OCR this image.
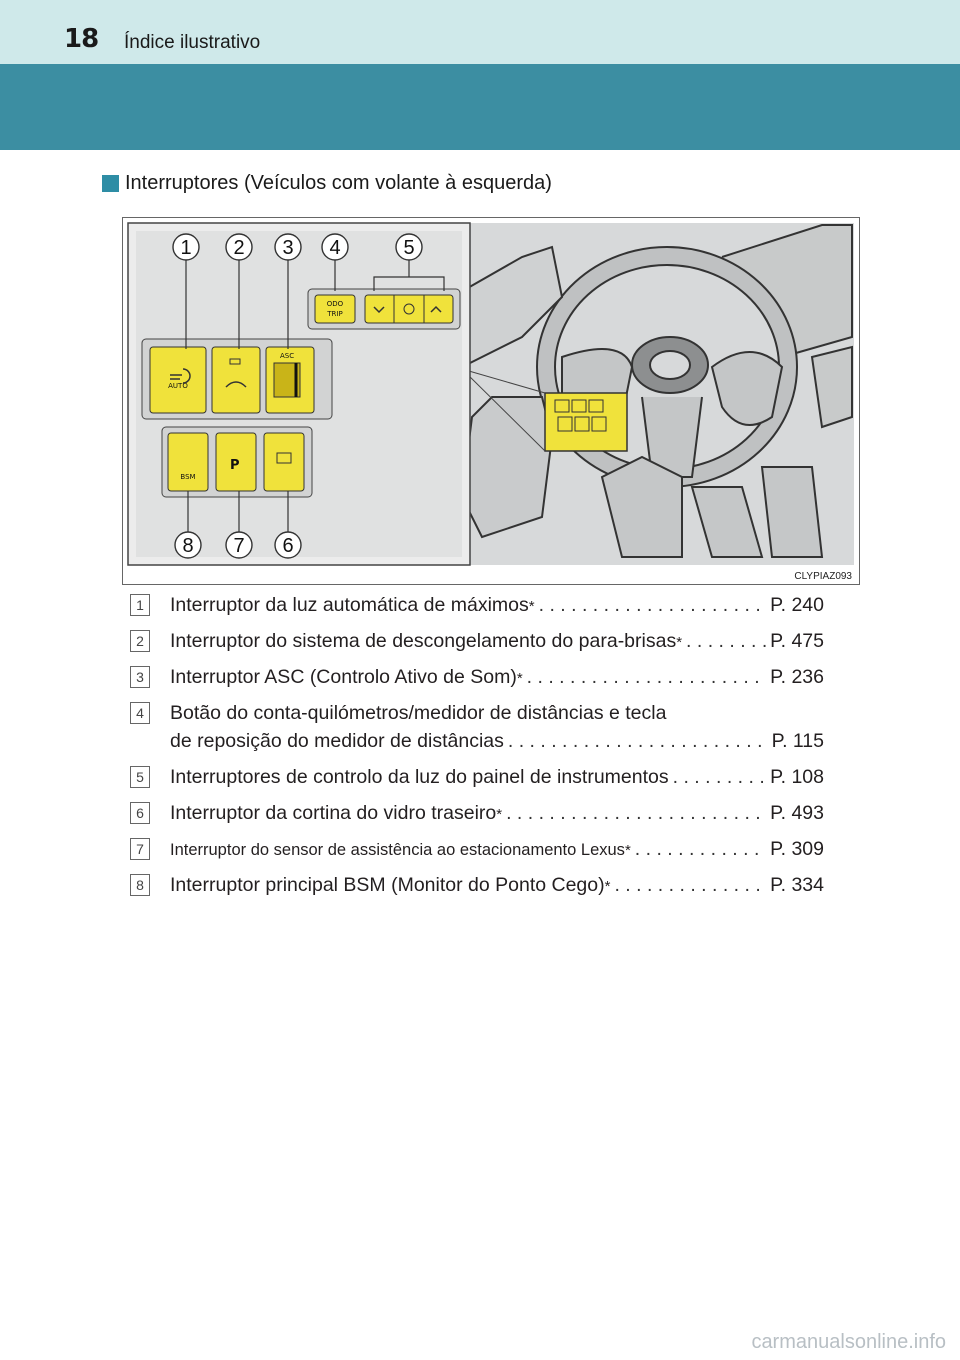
18 Índice ilustrativo
Interruptores (Veículos com volante à esquerda)
ODO
TRIP
AUTO
ASC
BSM
P
1 2 3 4	5
8 7 6
CLYPIAZ093
1	Interruptor da luz automática de máximos * . . .	P. 240
2	Interruptor do sistema de descongelamento do para-brisas * . . .	P. 475
3	Interruptor ASC (Controlo Ativo de Som) * . . .	P. 236
4	Botão do conta-quilómetros/medidor de distâncias e tecla
de reposição do medidor de distâncias . . .	P. 115
5	Interruptores de controlo da luz do painel de instrumentos . . .	P. 108
6	Interruptor da cortina do vidro traseiro * . . .	P. 493
7	Interruptor do sensor de assistência ao estacionamento Lexus * . . .	P. 309
8	Interruptor principal BSM (Monitor do Ponto Cego) * . . .	P. 334
carmanualsonline.info
